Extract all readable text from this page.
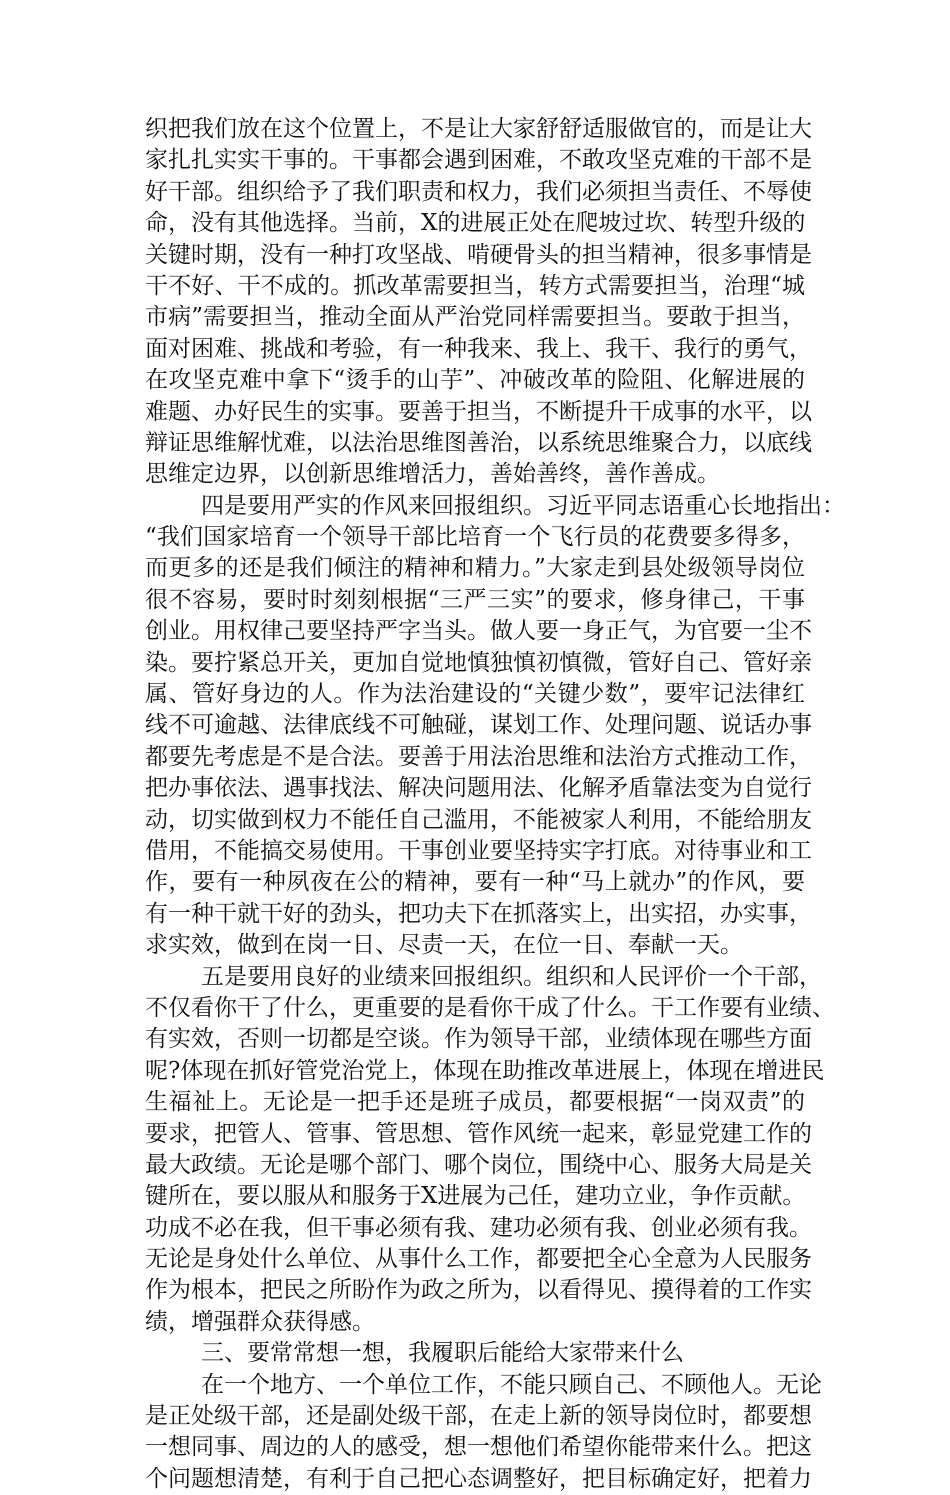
织把我们放在这个位置上，不是让大家舒舒适服做官的，而是让大
家扎扎实实干事的。干事都会遇到困难，不敢攻坚克难的干部不是
好干部。组织给予了我们职责和权力，我们必须担当责任、不辱使
命，没有其他选择。当前，X的进展正处在爬坡过坎、转型升级的
关键时期，没有一种打攻坚战、啃硬骨头的担当精神，很多事情是
干不好、干不成的。抓改革需要担当，转方式需要担当，治理“城
市病”需要担当，推动全面从严治党同样需要担当。要敢于担当，
面对困难、挑战和考验，有一种我来、我上、我干、我行的勇气，
在攻坚克难中拿下“烫手的山芋”、冲破改革的险阻、化解进展的
难题、办好民生的实事。要善于担当，不断提升干成事的水平，以
辩证思维解忧难，以法治思维图善治，以系统思维聚合力，以底线
思维定边界，以创新思维增活力，善始善终，善作善成。
四是要用严实的作风来回报组织。习近平同志语重心长地指出：
“我们国家培育一个领导干部比培育一个飞行员的花费要多得多，
而更多的还是我们倾注的精神和精力。”大家走到县处级领导岗位
很不容易，要时时刻刻根据“三严三实”的要求，修身律己，干事
创业。用权律己要坚持严字当头。做人要一身正气，为官要一尘不
染。要拧紧总开关，更加自觉地慎独慎初慎微，管好自己、管好亲
属、管好身边的人。作为法治建设的“关键少数”，要牢记法律红
线不可逾越、法律底线不可触碰，谋划工作、处理问题、说话办事
都要先考虑是不是合法。要善于用法治思维和法治方式推动工作，
把办事依法、遇事找法、解决问题用法、化解矛盾靠法变为自觉行
动，切实做到权力不能任自己滥用，不能被家人利用，不能给朋友
借用，不能搞交易使用。干事创业要坚持实字打底。对待事业和工
作，要有一种夙夜在公的精神，要有一种“马上就办”的作风，要
有一种干就干好的劲头，把功夫下在抓落实上，出实招，办实事，
求实效，做到在岗一日、尽责一天，在位一日、奉献一天。
五是要用良好的业绩来回报组织。组织和人民评价一个干部，
不仅看你干了什么，更重要的是看你干成了什么。干工作要有业绩、
有实效，否则一切都是空谈。作为领导干部，业绩体现在哪些方面
呢?体现在抓好管党治党上，体现在助推改革进展上，体现在增进民
生福祉上。无论是一把手还是班子成员，都要根据“一岗双责”的
要求，把管人、管事、管思想、管作风统一起来，彰显党建工作的
最大政绩。无论是哪个部门、哪个岗位，围绕中心、服务大局是关
键所在，要以服从和服务于X进展为己任，建功立业，争作贡献。
功成不必在我，但干事必须有我、建功必须有我、创业必须有我。
无论是身处什么单位、从事什么工作，都要把全心全意为人民服务
作为根本，把民之所盼作为政之所为，以看得见、摸得着的工作实
绩，增强群众获得感。
三、要常常想一想，我履职后能给大家带来什么
在一个地方、一个单位工作，不能只顾自己、不顾他人。无论
是正处级干部，还是副处级干部，在走上新的领导岗位时，都要想
一想同事、周边的人的感受，想一想他们希望你能带来什么。把这
个问题想清楚，有利于自己把心态调整好，把目标确定好，把着力
